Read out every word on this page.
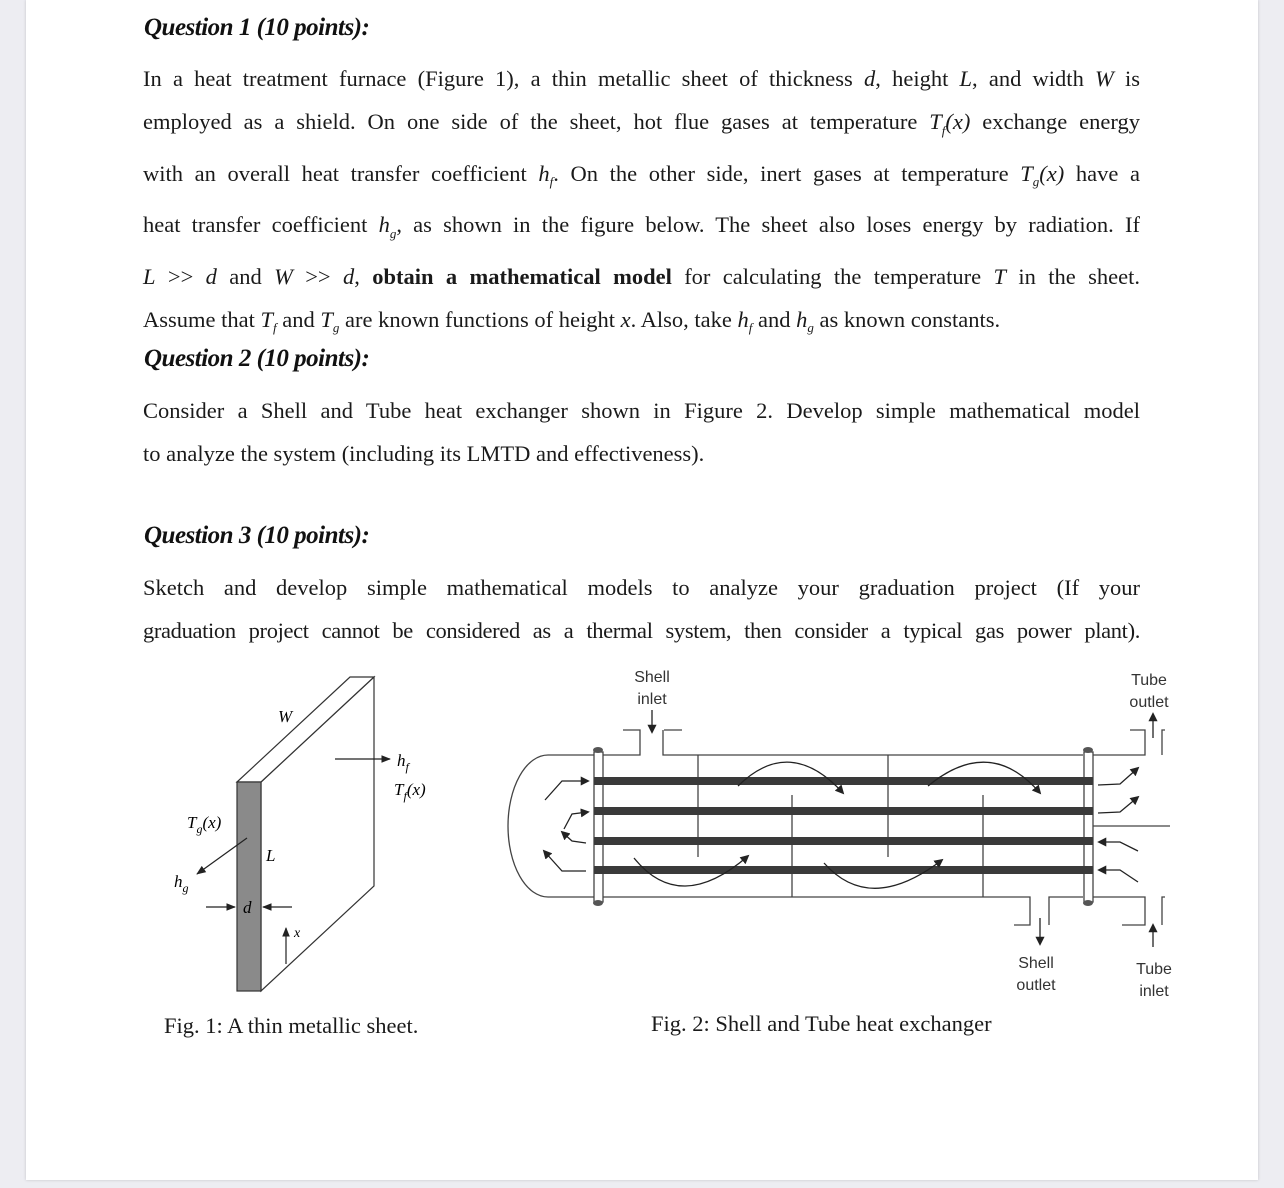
Question 1 (10 points):
In a heat treatment furnace (Figure 1), a thin metallic sheet of thickness d, height L, and width W is
employed as a shield. On one side of the sheet, hot flue gases at temperature $T_f(x)$ exchange energy
with an overall heat transfer coefficient $h_f$. On the other side, inert gases at temperature $T_g(x)$ have a
heat transfer coefficient $h_g$, as shown in the figure below. The sheet also loses energy by radiation. If
L >> d and W >> d, obtain a mathematical model for calculating the temperature T in the sheet.
Assume that $T_f$ and $T_g$ are known functions of height x. Also, take $h_f$ and $h_g$ as known constants.
Question 2 (10 points):
Consider a Shell and Tube heat exchanger shown in Figure 2. Develop simple mathematical model
to analyze the system (including its LMTD and effectiveness).
Question 3 (10 points):
Sketch and develop simple mathematical models to analyze your graduation project (If your
graduation project cannot be considered as a thermal system, then consider a typical gas power plant).
W
$h_f$
$T_f(x)$
$T_g(x)$
L
$h_g$
d
x
Shell
inlet
Tube
outlet
Shell
outlet
Tube
inlet
Fig. 1: A thin metallic sheet.	Fig. 2: Shell and Tube heat exchanger
